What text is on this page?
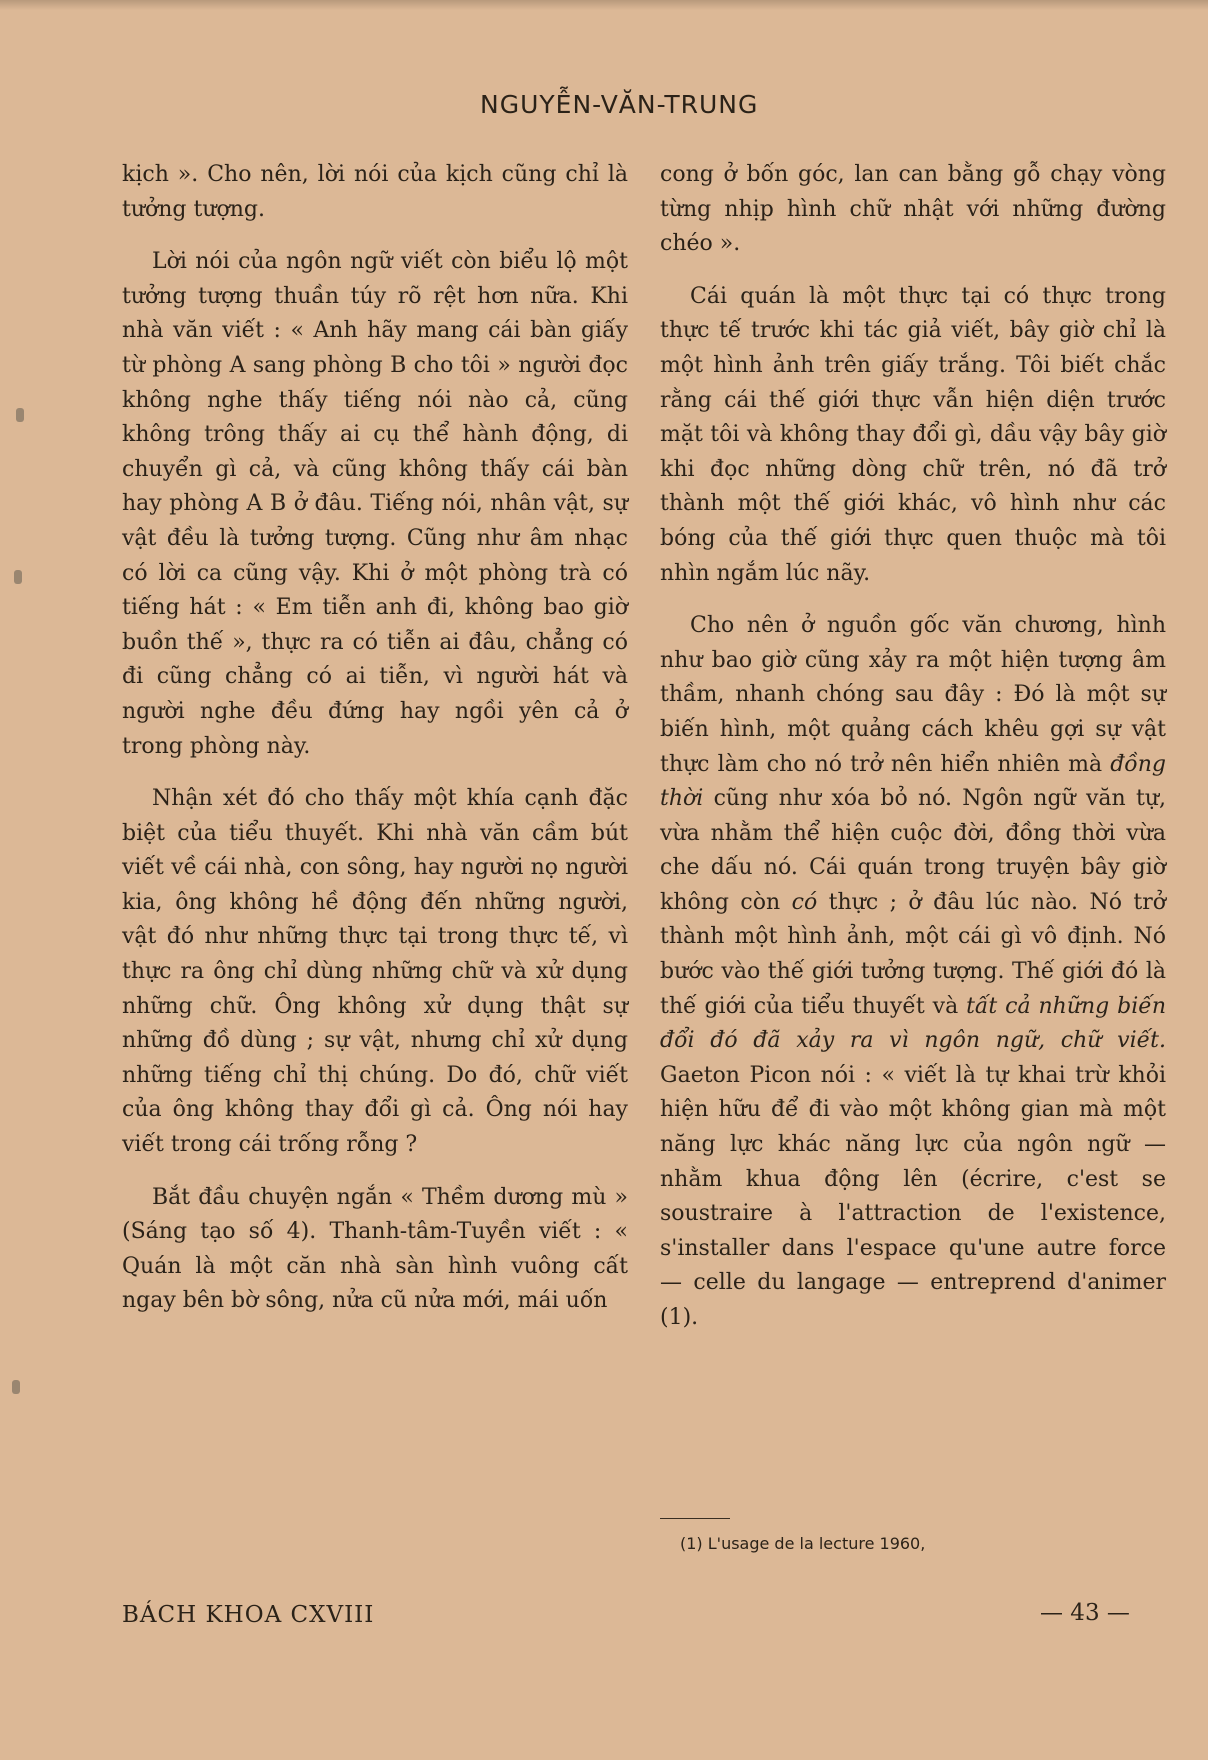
NGUYỄN-VĂN-TRUNG

kịch ». Cho nên, lời nói của kịch cũng chỉ là tưởng tượng.

Lời nói của ngôn ngữ viết còn biểu lộ một tưởng tượng thuần túy rõ rệt hơn nữa. Khi nhà văn viết : « Anh hãy mang cái bàn giấy từ phòng A sang phòng B cho tôi » người đọc không nghe thấy tiếng nói nào cả, cũng không trông thấy ai cụ thể hành động, di chuyển gì cả, và cũng không thấy cái bàn hay phòng A B ở đâu. Tiếng nói, nhân vật, sự vật đều là tưởng tượng. Cũng như âm nhạc có lời ca cũng vậy. Khi ở một phòng trà có tiếng hát : « Em tiễn anh đi, không bao giờ buồn thế », thực ra có tiễn ai đâu, chẳng có đi cũng chẳng có ai tiễn, vì người hát và người nghe đều đứng hay ngồi yên cả ở trong phòng này.

Nhận xét đó cho thấy một khía cạnh đặc biệt của tiểu thuyết. Khi nhà văn cầm bút viết về cái nhà, con sông, hay người nọ người kia, ông không hề động đến những người, vật đó như những thực tại trong thực tế, vì thực ra ông chỉ dùng những chữ và xử dụng những chữ. Ông không xử dụng thật sự những đồ dùng ; sự vật, nhưng chỉ xử dụng những tiếng chỉ thị chúng. Do đó, chữ viết của ông không thay đổi gì cả. Ông nói hay viết trong cái trống rỗng ?

Bắt đầu chuyện ngắn « Thềm dương mù » (Sáng tạo số 4). Thanh-tâm-Tuyền viết : « Quán là một căn nhà sàn hình vuông cất ngay bên bờ sông, nửa cũ nửa mới, mái uốn

cong ở bốn góc, lan can bằng gỗ chạy vòng từng nhịp hình chữ nhật với những đường chéo ».

Cái quán là một thực tại có thực trong thực tế trước khi tác giả viết, bây giờ chỉ là một hình ảnh trên giấy trắng. Tôi biết chắc rằng cái thế giới thực vẫn hiện diện trước mặt tôi và không thay đổi gì, dầu vậy bây giờ khi đọc những dòng chữ trên, nó đã trở thành một thế giới khác, vô hình như các bóng của thế giới thực quen thuộc mà tôi nhìn ngắm lúc nãy.

Cho nên ở nguồn gốc văn chương, hình như bao giờ cũng xảy ra một hiện tượng âm thầm, nhanh chóng sau đây : Đó là một sự biến hình, một quảng cách khêu gợi sự vật thực làm cho nó trở nên hiển nhiên mà đồng thời cũng như xóa bỏ nó. Ngôn ngữ văn tự, vừa nhằm thể hiện cuộc đời, đồng thời vừa che dấu nó. Cái quán trong truyện bây giờ không còn có thực ; ở đâu lúc nào. Nó trở thành một hình ảnh, một cái gì vô định. Nó bước vào thế giới tưởng tượng. Thế giới đó là thế giới của tiểu thuyết và tất cả những biến đổi đó đã xảy ra vì ngôn ngữ, chữ viết. Gaeton Picon nói : « viết là tự khai trừ khỏi hiện hữu để đi vào một không gian mà một năng lực khác năng lực của ngôn ngữ — nhằm khua động lên (écrire, c'est se soustraire à l'attraction de l'existence, s'installer dans l'espace qu'une autre force — celle du langage — entreprend d'animer (1).

(1) L'usage de la lecture 1960,
BÁCH KHOA CXVIII	— 43 —
